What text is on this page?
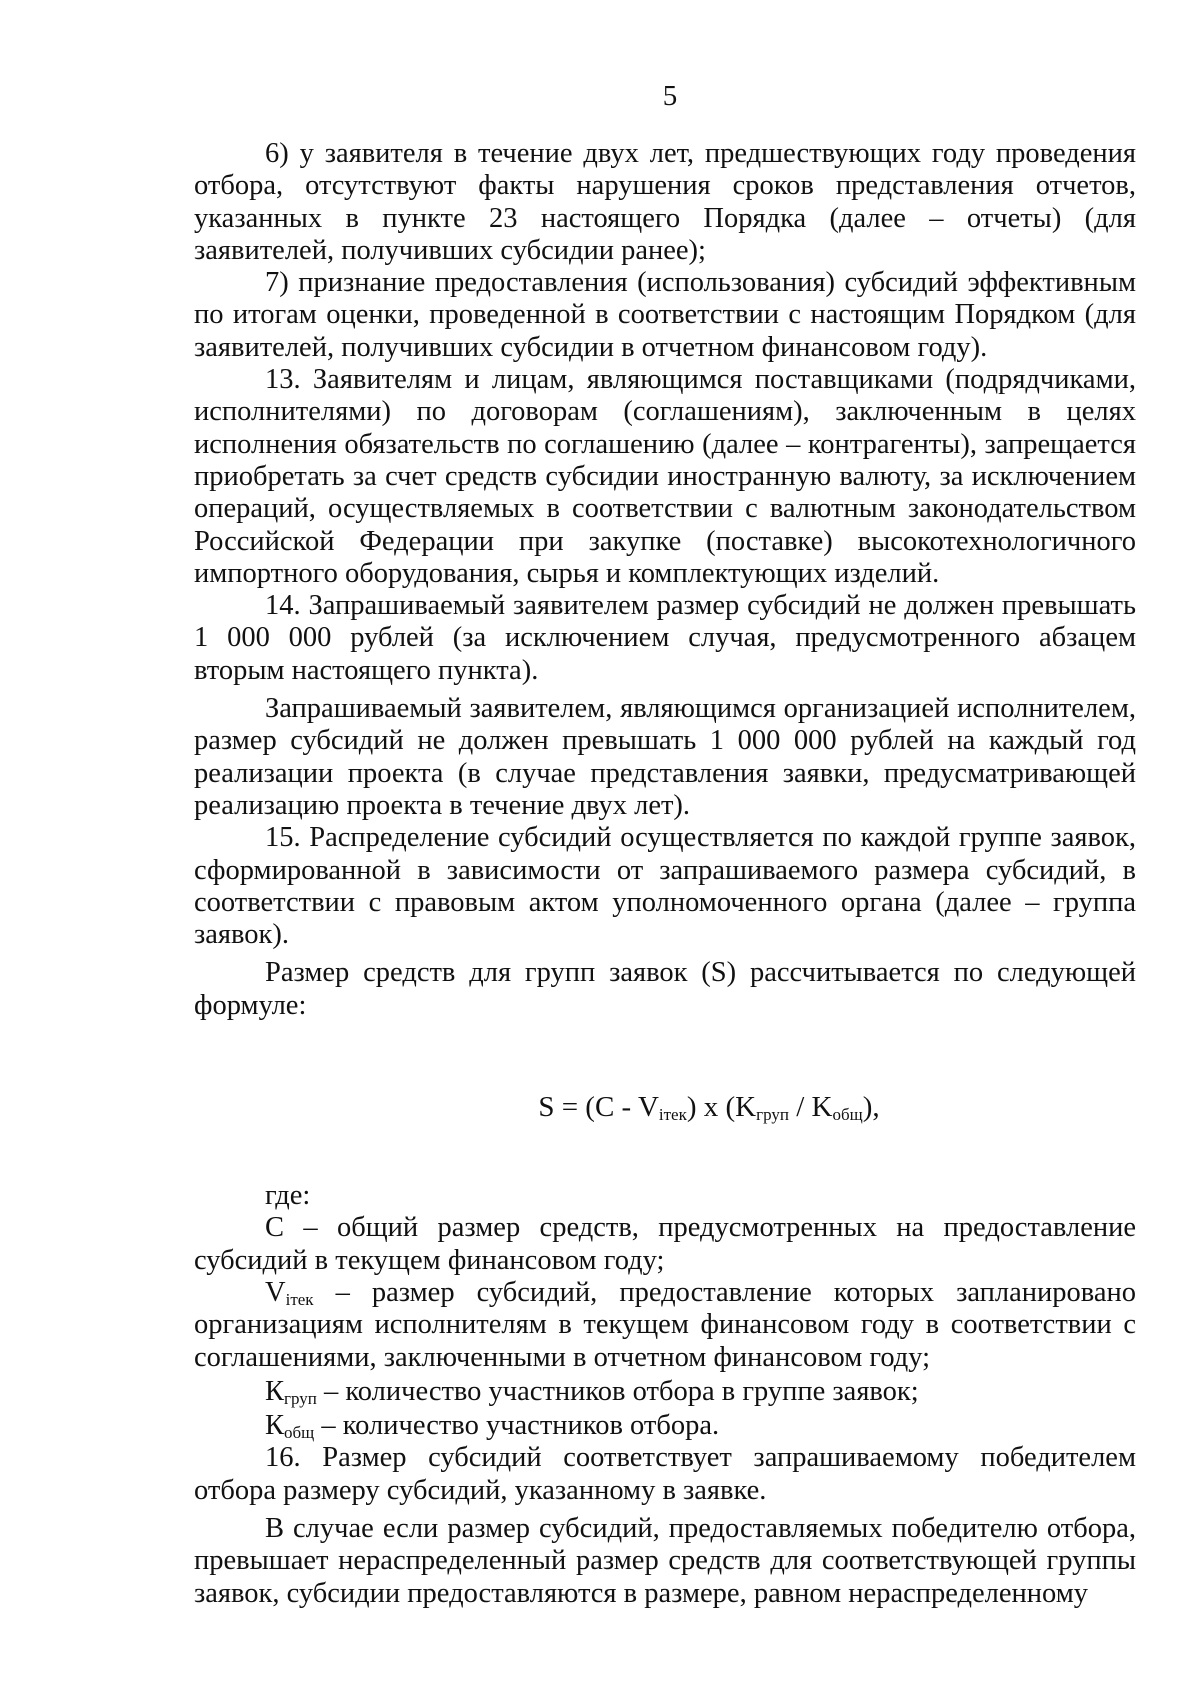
5

6) у заявителя в течение двух лет, предшествующих году проведения отбора, отсутствуют факты нарушения сроков представления отчетов, указанных в пункте 23 настоящего Порядка (далее – отчеты) (для заявителей, получивших субсидии ранее);

7) признание предоставления (использования) субсидий эффективным по итогам оценки, проведенной в соответствии с настоящим Порядком (для заявителей, получивших субсидии в отчетном финансовом году).

13. Заявителям и лицам, являющимся поставщиками (подрядчиками, исполнителями) по договорам (соглашениям), заключенным в целях исполнения обязательств по соглашению (далее – контрагенты), запрещается приобретать за счет средств субсидии иностранную валюту, за исключением операций, осуществляемых в соответствии с валютным законодательством Российской Федерации при закупке (поставке) высокотехнологичного импортного оборудования, сырья и комплектующих изделий.

14. Запрашиваемый заявителем размер субсидий не должен превышать 1 000 000 рублей (за исключением случая, предусмотренного абзацем вторым настоящего пункта).

Запрашиваемый заявителем, являющимся организацией исполнителем, размер субсидий не должен превышать 1 000 000 рублей на каждый год реализации проекта (в случае представления заявки, предусматривающей реализацию проекта в течение двух лет).

15. Распределение субсидий осуществляется по каждой группе заявок, сформированной в зависимости от запрашиваемого размера субсидий, в соответствии с правовым актом уполномоченного органа (далее – группа заявок).

Размер средств для групп заявок (S) рассчитывается по следующей формуле:

$S = (C - V_{iтек})$ x $(K_{груп} / K_{общ})$,

где:

С – общий размер средств, предусмотренных на предоставление субсидий в текущем финансовом году;

$V_{iтек}$ – размер субсидий, предоставление которых запланировано организациям исполнителям в текущем финансовом году в соответствии с соглашениями, заключенными в отчетном финансовом году;

$К_{груп}$ – количество участников отбора в группе заявок;

$К_{общ}$ – количество участников отбора.

16. Размер субсидий соответствует запрашиваемому победителем отбора размеру субсидий, указанному в заявке.

В случае если размер субсидий, предоставляемых победителю отбора, превышает нераспределенный размер средств для соответствующей группы заявок, субсидии предоставляются в размере, равном нераспределенному
